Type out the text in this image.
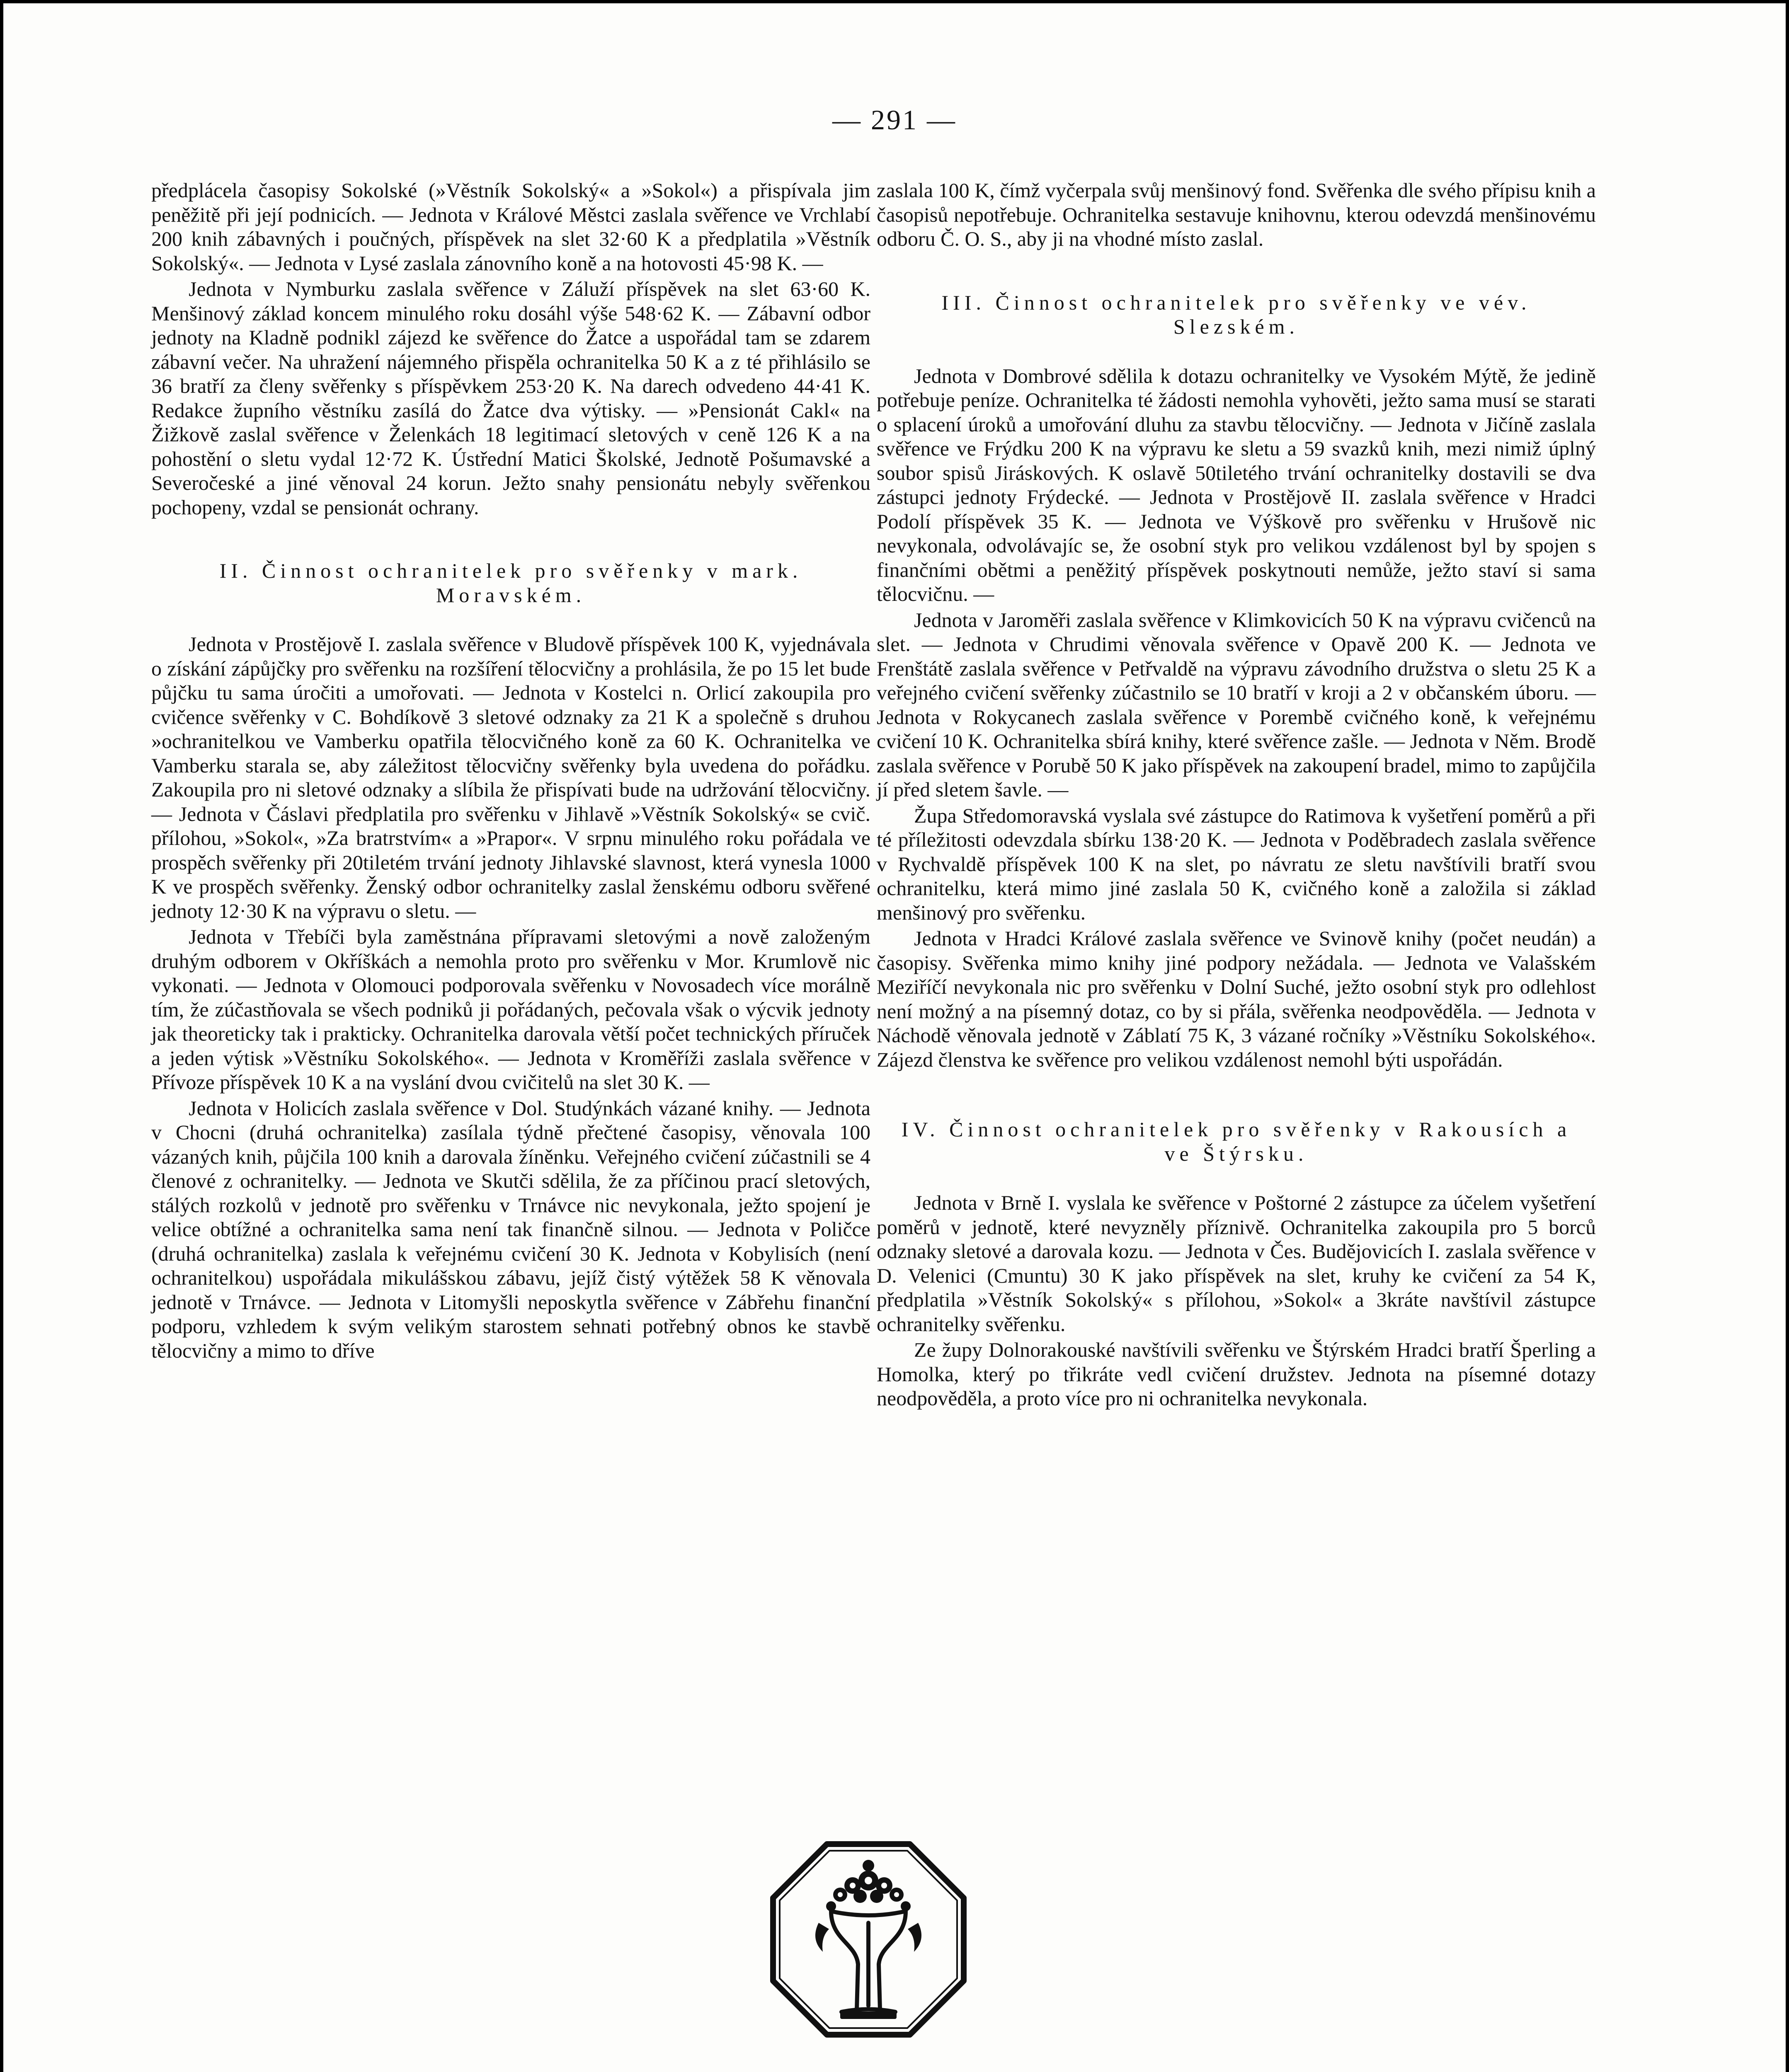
— 291 —

předplácela časopisy Sokolské (»Věstník Sokolský« a »Sokol«) a přispívala jim peněžitě při její podnicích. — Jednota v Králové Městci zaslala svěřence ve Vrchlabí 200 knih zábavných i poučných, příspěvek na slet 32·60 K a předplatila »Věstník Sokolský«. — Jednota v Lysé zaslala zánovního koně a na hotovosti 45·98 K. —

Jednota v Nymburku zaslala svěřence v Záluží příspěvek na slet 63·60 K. Menšinový základ koncem minulého roku dosáhl výše 548·62 K. — Zábavní odbor jednoty na Kladně podnikl zájezd ke svěřence do Žatce a uspořádal tam se zdarem zábavní večer. Na uhražení nájemného přispěla ochranitelka 50 K a z té přihlásilo se 36 bratří za členy svěřenky s příspěvkem 253·20 K. Na darech odvedeno 44·41 K. Redakce župního věstníku zasílá do Žatce dva výtisky. — »Pensionát Cakl« na Žižkově zaslal svěřence v Želenkách 18 legitimací sletových v ceně 126 K a na pohostění o sletu vydal 12·72 K. Ústřední Matici Školské, Jednotě Pošumavské a Severočeské a jiné věnoval 24 korun. Ježto snahy pensionátu nebyly svěřenkou pochopeny, vzdal se pensionát ochrany.

II. Činnost ochranitelek pro svěřenky v mark. Moravském.

Jednota v Prostějově I. zaslala svěřence v Bludově příspěvek 100 K, vyjednávala o získání zápůjčky pro svěřenku na rozšíření tělocvičny a prohlásila, že po 15 let bude půjčku tu sama úročiti a umořovati. — Jednota v Kostelci n. Orlicí zakoupila pro cvičence svěřenky v C. Bohdíkově 3 sletové odznaky za 21 K a společně s druhou »ochranitelkou ve Vamberku opatřila tělocvičného koně za 60 K. Ochranitelka ve Vamberku starala se, aby záležitost tělocvičny svěřenky byla uvedena do pořádku. Zakoupila pro ni sletové odznaky a slíbila že přispívati bude na udržování tělocvičny. — Jednota v Čáslavi předplatila pro svěřenku v Jihlavě »Věstník Sokolský« se cvič. přílohou, »Sokol«, »Za bratrstvím« a »Prapor«. V srpnu minulého roku pořádala ve prospěch svěřenky při 20tiletém trvání jednoty Jihlavské slavnost, která vynesla 1000 K ve prospěch svěřenky. Ženský odbor ochranitelky zaslal ženskému odboru svěřené jednoty 12·30 K na výpravu o sletu. —

Jednota v Třebíči byla zaměstnána přípravami sletovými a nově založeným druhým odborem v Okříškách a nemohla proto pro svěřenku v Mor. Krumlově nic vykonati. — Jednota v Olomouci podporovala svěřenku v Novosadech více morálně tím, že zúčastňovala se všech podniků ji pořádaných, pečovala však o výcvik jednoty jak theoreticky tak i prakticky. Ochranitelka darovala větší počet technických příruček a jeden výtisk »Věstníku Sokolského«. — Jednota v Kroměříži zaslala svěřence v Přívoze příspěvek 10 K a na vyslání dvou cvičitelů na slet 30 K. —

Jednota v Holicích zaslala svěřence v Dol. Studýnkách vázané knihy. — Jednota v Chocni (druhá ochranitelka) zasílala týdně přečtené časopisy, věnovala 100 vázaných knih, půjčila 100 knih a darovala žíněnku. Veřejného cvičení zúčastnili se 4 členové z ochranitelky. — Jednota ve Skutči sdělila, že za příčinou prací sletových, stálých rozkolů v jednotě pro svěřenku v Trnávce nic nevykonala, ježto spojení je velice obtížné a ochranitelka sama není tak finančně silnou. — Jednota v Poličce (druhá ochranitelka) zaslala k veřejnému cvičení 30 K. Jednota v Kobylisích (není ochranitelkou) uspořádala mikulášskou zábavu, jejíž čistý výtěžek 58 K věnovala jednotě v Trnávce. — Jednota v Litomyšli neposkytla svěřence v Zábřehu finanční podporu, vzhledem k svým velikým starostem sehnati potřebný obnos ke stavbě tělocvičny a mimo to dříve

zaslala 100 K, čímž vyčerpala svůj menšinový fond. Svěřenka dle svého přípisu knih a časopisů nepotřebuje. Ochranitelka sestavuje knihovnu, kterou odevzdá menšinovému odboru Č. O. S., aby ji na vhodné místo zaslal.

III. Činnost ochranitelek pro svěřenky ve vév. Slezském.

Jednota v Dombrové sdělila k dotazu ochranitelky ve Vysokém Mýtě, že jedině potřebuje peníze. Ochranitelka té žádosti nemohla vyhověti, ježto sama musí se starati o splacení úroků a umořování dluhu za stavbu tělocvičny. — Jednota v Jičíně zaslala svěřence ve Frýdku 200 K na výpravu ke sletu a 59 svazků knih, mezi nimiž úplný soubor spisů Jiráskových. K oslavě 50tiletého trvání ochranitelky dostavili se dva zástupci jednoty Frýdecké. — Jednota v Prostějově II. zaslala svěřence v Hradci Podolí příspěvek 35 K. — Jednota ve Výškově pro svěřenku v Hrušově nic nevykonala, odvolávajíc se, že osobní styk pro velikou vzdálenost byl by spojen s finančními obětmi a peněžitý příspěvek poskytnouti nemůže, ježto staví si sama tělocvičnu. —

Jednota v Jaroměři zaslala svěřence v Klimkovicích 50 K na výpravu cvičenců na slet. — Jednota v Chrudimi věnovala svěřence v Opavě 200 K. — Jednota ve Frenštátě zaslala svěřence v Petřvaldě na výpravu závodního družstva o sletu 25 K a veřejného cvičení svěřenky zúčastnilo se 10 bratří v kroji a 2 v občanském úboru. — Jednota v Rokycanech zaslala svěřence v Porembě cvičného koně, k veřejnému cvičení 10 K. Ochranitelka sbírá knihy, které svěřence zašle. — Jednota v Něm. Brodě zaslala svěřence v Porubě 50 K jako příspěvek na zakoupení bradel, mimo to zapůjčila jí před sletem šavle. —

Župa Středomoravská vyslala své zástupce do Ratimova k vyšetření poměrů a při té příležitosti odevzdala sbírku 138·20 K. — Jednota v Poděbradech zaslala svěřence v Rychvaldě příspěvek 100 K na slet, po návratu ze sletu navštívili bratří svou ochranitelku, která mimo jiné zaslala 50 K, cvičného koně a založila si základ menšinový pro svěřenku.

Jednota v Hradci Králové zaslala svěřence ve Svinově knihy (počet neudán) a časopisy. Svěřenka mimo knihy jiné podpory nežádala. — Jednota ve Valašském Meziříčí nevykonala nic pro svěřenku v Dolní Suché, ježto osobní styk pro odlehlost není možný a na písemný dotaz, co by si přála, svěřenka neodpověděla. — Jednota v Náchodě věnovala jednotě v Záblatí 75 K, 3 vázané ročníky »Věstníku Sokolského«. Zájezd členstva ke svěřence pro velikou vzdálenost nemohl býti uspořádán.

IV. Činnost ochranitelek pro svěřenky v Rakousích a ve Štýrsku.

Jednota v Brně I. vyslala ke svěřence v Poštorné 2 zástupce za účelem vyšetření poměrů v jednotě, které nevyzněly příznivě. Ochranitelka zakoupila pro 5 borců odznaky sletové a darovala kozu. — Jednota v Čes. Budějovicích I. zaslala svěřence v D. Velenici (Cmuntu) 30 K jako příspěvek na slet, kruhy ke cvičení za 54 K, předplatila »Věstník Sokolský« s přílohou, »Sokol« a 3kráte navštívil zástupce ochranitelky svěřenku.

Ze župy Dolnorakouské navštívili svěřenku ve Štýrském Hradci bratří Šperling a Homolka, který po třikráte vedl cvičení družstev. Jednota na písemné dotazy neodpověděla, a proto více pro ni ochranitelka nevykonala.
